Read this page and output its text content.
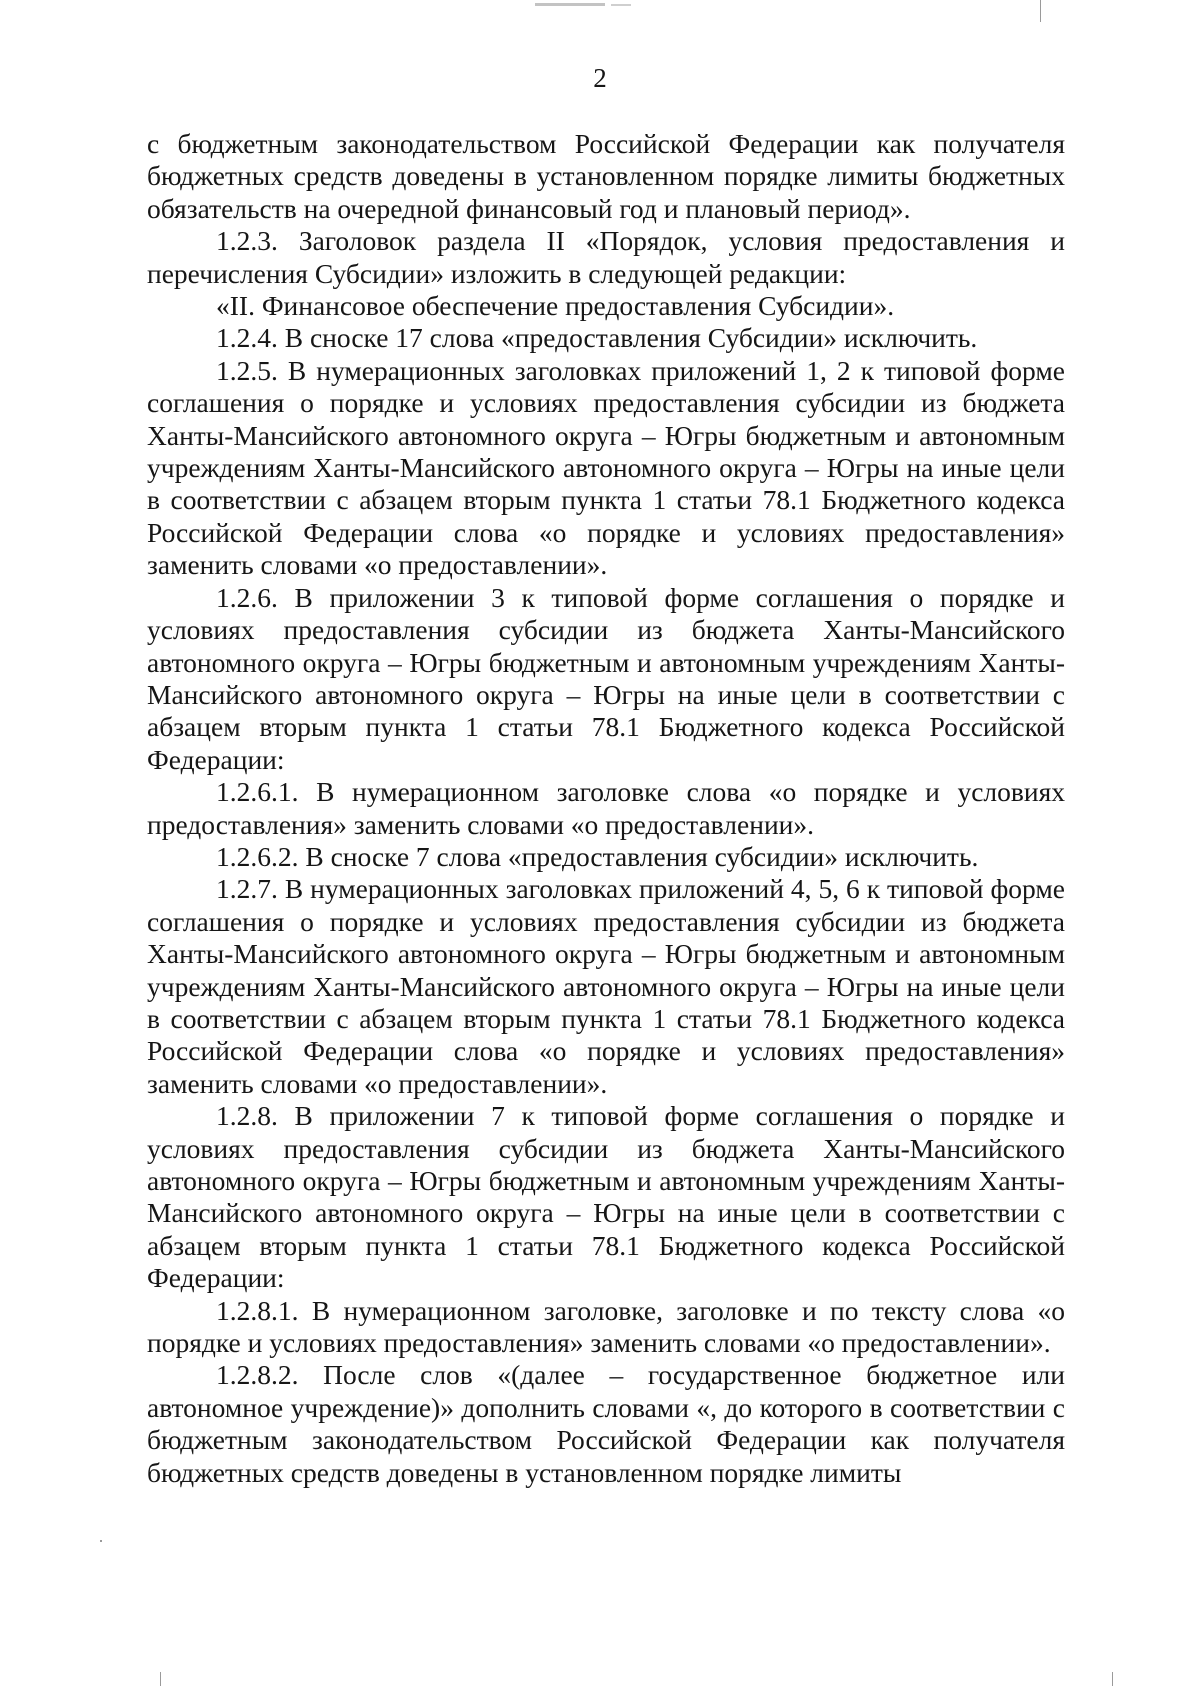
2

с бюджетным законодательством Российской Федерации как получателя бюджетных средств доведены в установленном порядке лимиты бюджетных обязательств на очередной финансовый год и плановый период».

1.2.3. Заголовок раздела II «Порядок, условия предоставления и перечисления Субсидии» изложить в следующей редакции:

«II. Финансовое обеспечение предоставления Субсидии».

1.2.4. В сноске 17 слова «предоставления Субсидии» исключить.

1.2.5. В нумерационных заголовках приложений 1, 2 к типовой форме соглашения о порядке и условиях предоставления субсидии из бюджета Ханты-Мансийского автономного округа – Югры бюджетным и автономным учреждениям Ханты-Мансийского автономного округа – Югры на иные цели в соответствии с абзацем вторым пункта 1 статьи 78.1 Бюджетного кодекса Российской Федерации слова «о порядке и условиях предоставления» заменить словами «о предоставлении».

1.2.6. В приложении 3 к типовой форме соглашения о порядке и условиях предоставления субсидии из бюджета Ханты-Мансийского автономного округа – Югры бюджетным и автономным учреждениям Ханты-Мансийского автономного округа – Югры на иные цели в соответствии с абзацем вторым пункта 1 статьи 78.1 Бюджетного кодекса Российской Федерации:

1.2.6.1. В нумерационном заголовке слова «о порядке и условиях предоставления» заменить словами «о предоставлении».

1.2.6.2. В сноске 7 слова «предоставления субсидии» исключить.

1.2.7. В нумерационных заголовках приложений 4, 5, 6 к типовой форме соглашения о порядке и условиях предоставления субсидии из бюджета Ханты-Мансийского автономного округа – Югры бюджетным и автономным учреждениям Ханты-Мансийского автономного округа – Югры на иные цели в соответствии с абзацем вторым пункта 1 статьи 78.1 Бюджетного кодекса Российской Федерации слова «о порядке и условиях предоставления» заменить словами «о предоставлении».

1.2.8. В приложении 7 к типовой форме соглашения о порядке и условиях предоставления субсидии из бюджета Ханты-Мансийского автономного округа – Югры бюджетным и автономным учреждениям Ханты-Мансийского автономного округа – Югры на иные цели в соответствии с абзацем вторым пункта 1 статьи 78.1 Бюджетного кодекса Российской Федерации:

1.2.8.1. В нумерационном заголовке, заголовке и по тексту слова «о порядке и условиях предоставления» заменить словами «о предоставлении».

1.2.8.2. После слов «(далее – государственное бюджетное или автономное учреждение)» дополнить словами «, до которого в соответствии с бюджетным законодательством Российской Федерации как получателя бюджетных средств доведены в установленном порядке лимиты
